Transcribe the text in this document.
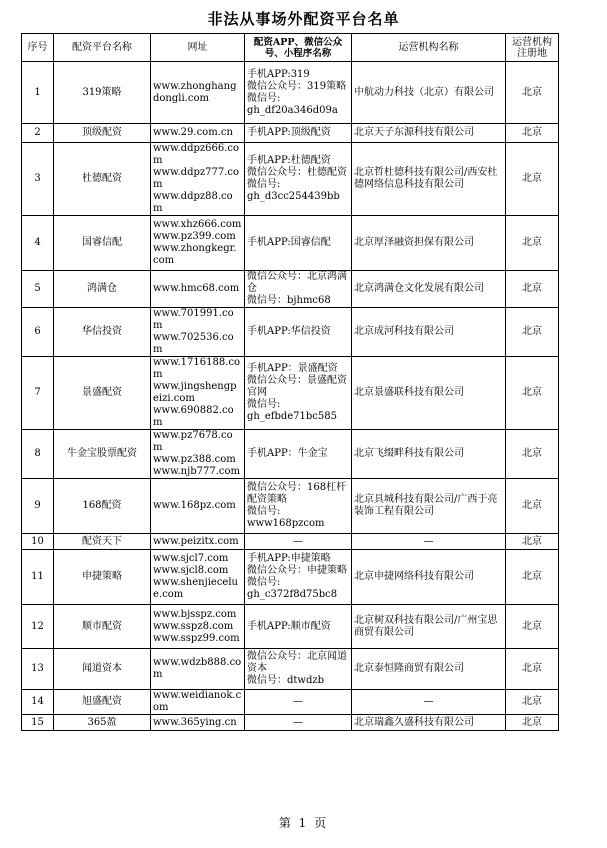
非法从事场外配资平台名单
序号	配资平台名称	网址	配资APP、微信公众号、小程序名称	运营机构名称	运营机构注册地
1	319策略	www.zhonghangdongli.com	手机APP:319
微信公众号：319策略
微信号:
gh_df20a346d09a	中航动力科技（北京）有限公司	北京
2	顶级配资	www.29.com.cn	手机APP:顶级配资	北京天子东源科技有限公司	北京
3	杜德配资	www.ddpz666.com
www.ddpz777.com
www.ddpz88.com	手机APP:杜德配资
微信公众号：杜德配资
微信号:
gh_d3cc254439bb	北京哲杜德科技有限公司/西安杜德网络信息科技有限公司	北京
4	国睿信配	www.xhz666.com
www.pz399.com
www.zhongkegr.com	手机APP:国睿信配	北京厚泽融资担保有限公司	北京
5	鸿满仓	www.hmc68.com	微信公众号：北京鸿满仓
微信号：bjhmc68	北京鸿满仓文化发展有限公司	北京
6	华信投资	www.701991.com
www.702536.com	手机APP:华信投资	北京成河科技有限公司	北京
7	景盛配资	www.1716188.com
www.jingshengpeizi.com
www.690882.com	手机APP：景盛配资
微信公众号：景盛配资官网
微信号:
gh_efbde71bc585	北京景盛联科技有限公司	北京
8	牛金宝股票配资	www.pz7678.com
www.pz388.com
www.njb777.com	手机APP：牛金宝	北京飞缀畔科技有限公司	北京
9	168配资	www.168pz.com	微信公众号：168杠杆配资策略
微信号:
www168pzcom	北京具城科技有限公司/广西于亮装饰工程有限公司	北京
10	配资天下	www.peizitx.com	—	—	北京
11	申捷策略	www.sjcl7.com
www.sjcl8.com
www.shenjiecelue.com	手机APP:申捷策略
微信公众号：申捷策略
微信号:
gh_c372f8d75bc8	北京申捷网络科技有限公司	北京
12	顺市配资	www.bjsspz.com
www.sspz8.com
www.sspz99.com	手机APP:顺市配资	北京树双科技有限公司/广州宝思商贸有限公司	北京
13	闻道资本	www.wdzb888.com	微信公众号：北京闻道资本
微信号：dtwdzb	北京泰恒隆商贸有限公司	北京
14	旭盛配资	www.weidianok.com	—	—	北京
15	365盈	www.365ying.cn	—	北京瑞鑫久盛科技有限公司	北京
第 1 页
